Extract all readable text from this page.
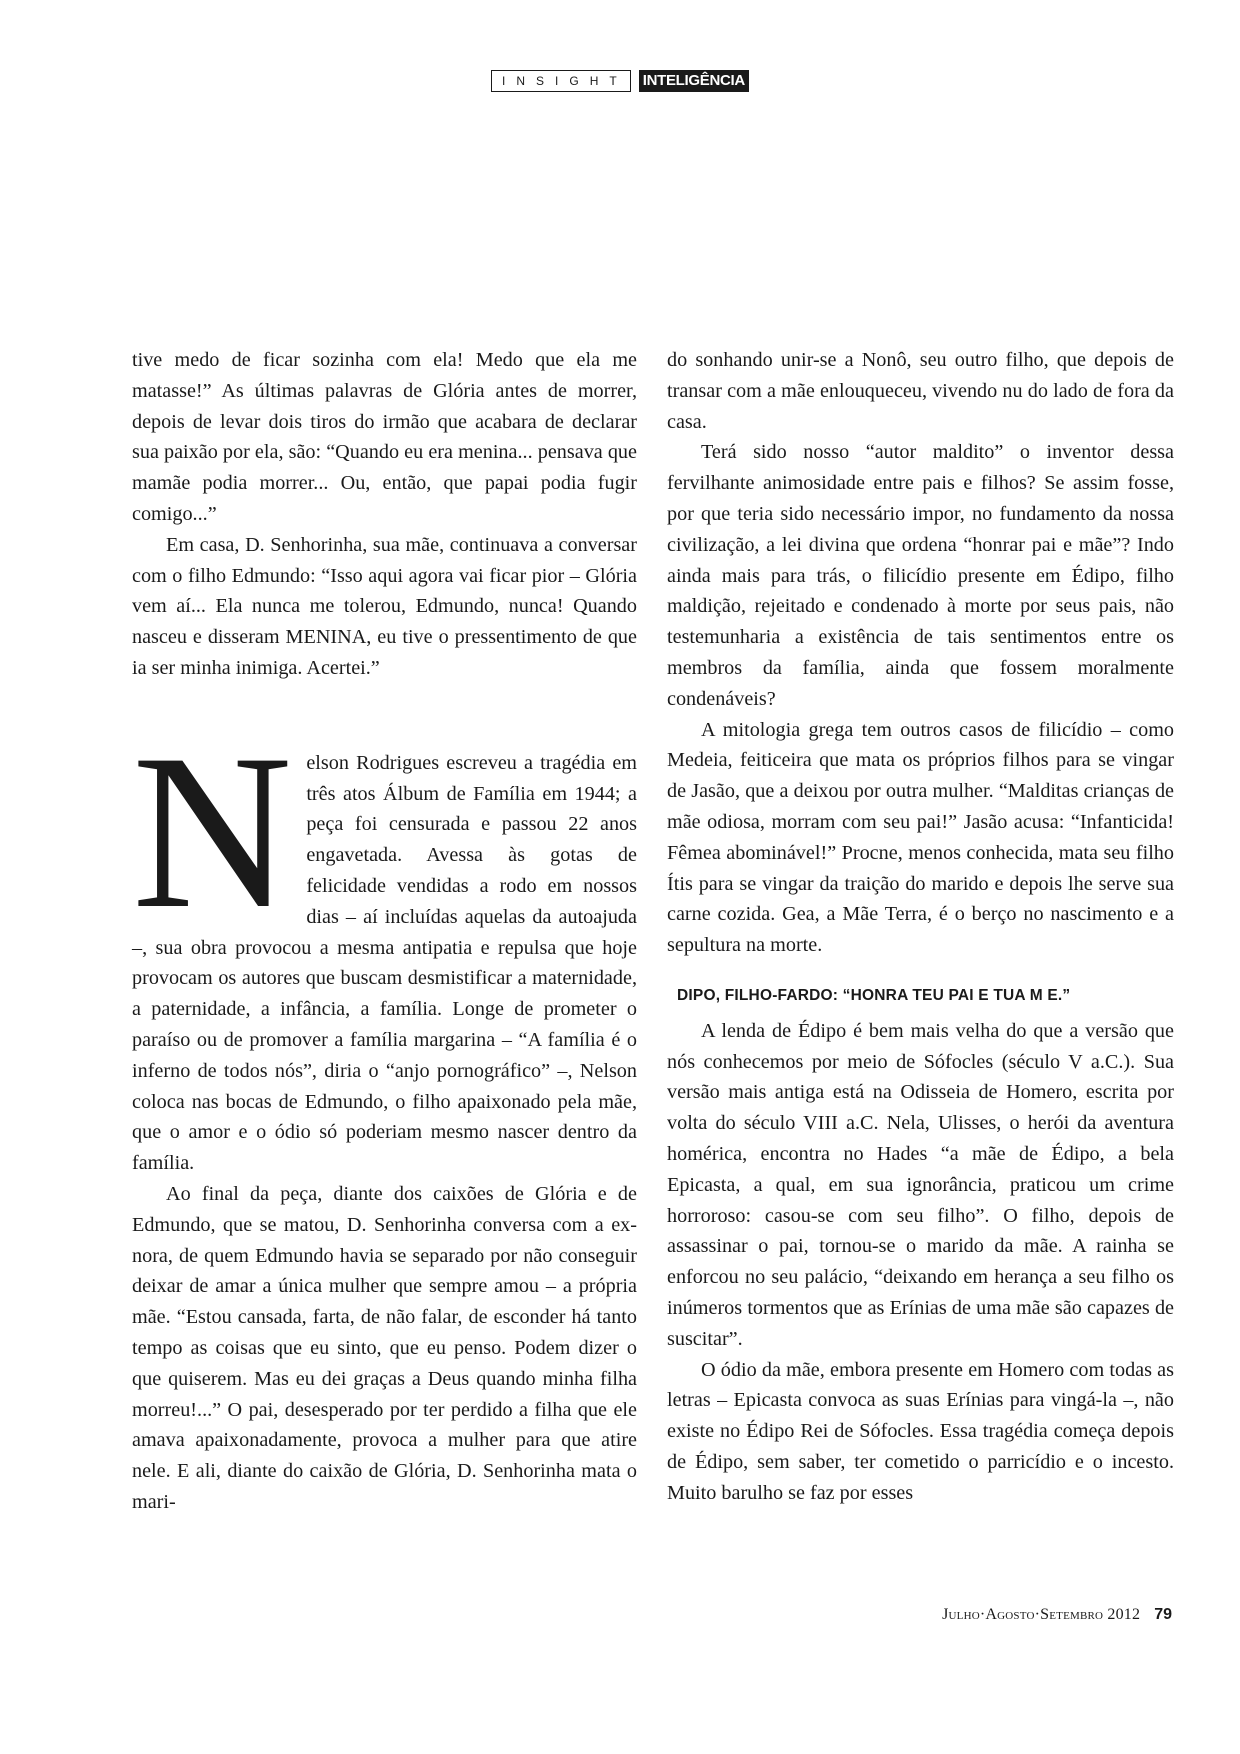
INSIGHT INTELIGÊNCIA

tive medo de ficar sozinha com ela! Medo que ela me matasse!” As últimas palavras de Glória antes de morrer, depois de levar dois tiros do irmão que acabara de declarar sua paixão por ela, são: “Quando eu era menina... pensava que mamãe podia morrer... Ou, então, que papai podia fugir comigo...”

Em casa, D. Senhorinha, sua mãe, continuava a conversar com o filho Edmundo: “Isso aqui agora vai ficar pior – Glória vem aí... Ela nunca me tolerou, Edmundo, nunca! Quando nasceu e disseram MENINA, eu tive o pressentimento de que ia ser minha inimiga. Acertei.”

Nelson Rodrigues escreveu a tragédia em três atos Álbum de Família em 1944; a peça foi censurada e passou 22 anos engavetada. Avessa às gotas de felicidade vendidas a rodo em nossos dias – aí incluídas aquelas da autoajuda –, sua obra provocou a mesma antipatia e repulsa que hoje provocam os autores que buscam desmistificar a maternidade, a paternidade, a infância, a família. Longe de prometer o paraíso ou de promover a família margarina – “A família é o inferno de todos nós”, diria o “anjo pornográfico” –, Nelson coloca nas bocas de Edmundo, o filho apaixonado pela mãe, que o amor e o ódio só poderiam mesmo nascer dentro da família.

Ao final da peça, diante dos caixões de Glória e de Edmundo, que se matou, D. Senhorinha conversa com a ex-nora, de quem Edmundo havia se separado por não conseguir deixar de amar a única mulher que sempre amou – a própria mãe. “Estou cansada, farta, de não falar, de esconder há tanto tempo as coisas que eu sinto, que eu penso. Podem dizer o que quiserem. Mas eu dei graças a Deus quando minha filha morreu!...” O pai, desesperado por ter perdido a filha que ele amava apaixonadamente, provoca a mulher para que atire nele. E ali, diante do caixão de Glória, D. Senhorinha mata o mari-

do sonhando unir-se a Nonô, seu outro filho, que depois de transar com a mãe enlouqueceu, vivendo nu do lado de fora da casa.

Terá sido nosso “autor maldito” o inventor dessa fervilhante animosidade entre pais e filhos? Se assim fosse, por que teria sido necessário impor, no fundamento da nossa civilização, a lei divina que ordena “honrar pai e mãe”? Indo ainda mais para trás, o filicídio presente em Édipo, filho maldição, rejeitado e condenado à morte por seus pais, não testemunharia a existência de tais sentimentos entre os membros da família, ainda que fossem moralmente condenáveis?

A mitologia grega tem outros casos de filicídio – como Medeia, feiticeira que mata os próprios filhos para se vingar de Jasão, que a deixou por outra mulher. “Malditas crianças de mãe odiosa, morram com seu pai!” Jasão acusa: “Infanticida! Fêmea abominável!” Procne, menos conhecida, mata seu filho Ítis para se vingar da traição do marido e depois lhe serve sua carne cozida. Gea, a Mãe Terra, é o berço no nascimento e a sepultura na morte.

DIPO, FILHO-FARDO: “HONRA TEU PAI E TUA M E.”

A lenda de Édipo é bem mais velha do que a versão que nós conhecemos por meio de Sófocles (século V a.C.). Sua versão mais antiga está na Odisseia de Homero, escrita por volta do século VIII a.C. Nela, Ulisses, o herói da aventura homérica, encontra no Hades “a mãe de Édipo, a bela Epicasta, a qual, em sua ignorância, praticou um crime horroroso: casou-se com seu filho”. O filho, depois de assassinar o pai, tornou-se o marido da mãe. A rainha se enforcou no seu palácio, “deixando em herança a seu filho os inúmeros tormentos que as Erínias de uma mãe são capazes de suscitar”.

O ódio da mãe, embora presente em Homero com todas as letras – Epicasta convoca as suas Erínias para vingá-la –, não existe no Édipo Rei de Sófocles. Essa tragédia começa depois de Édipo, sem saber, ter cometido o parricídio e o incesto. Muito barulho se faz por esses

Julho·Agosto·Setembro 2012 79
